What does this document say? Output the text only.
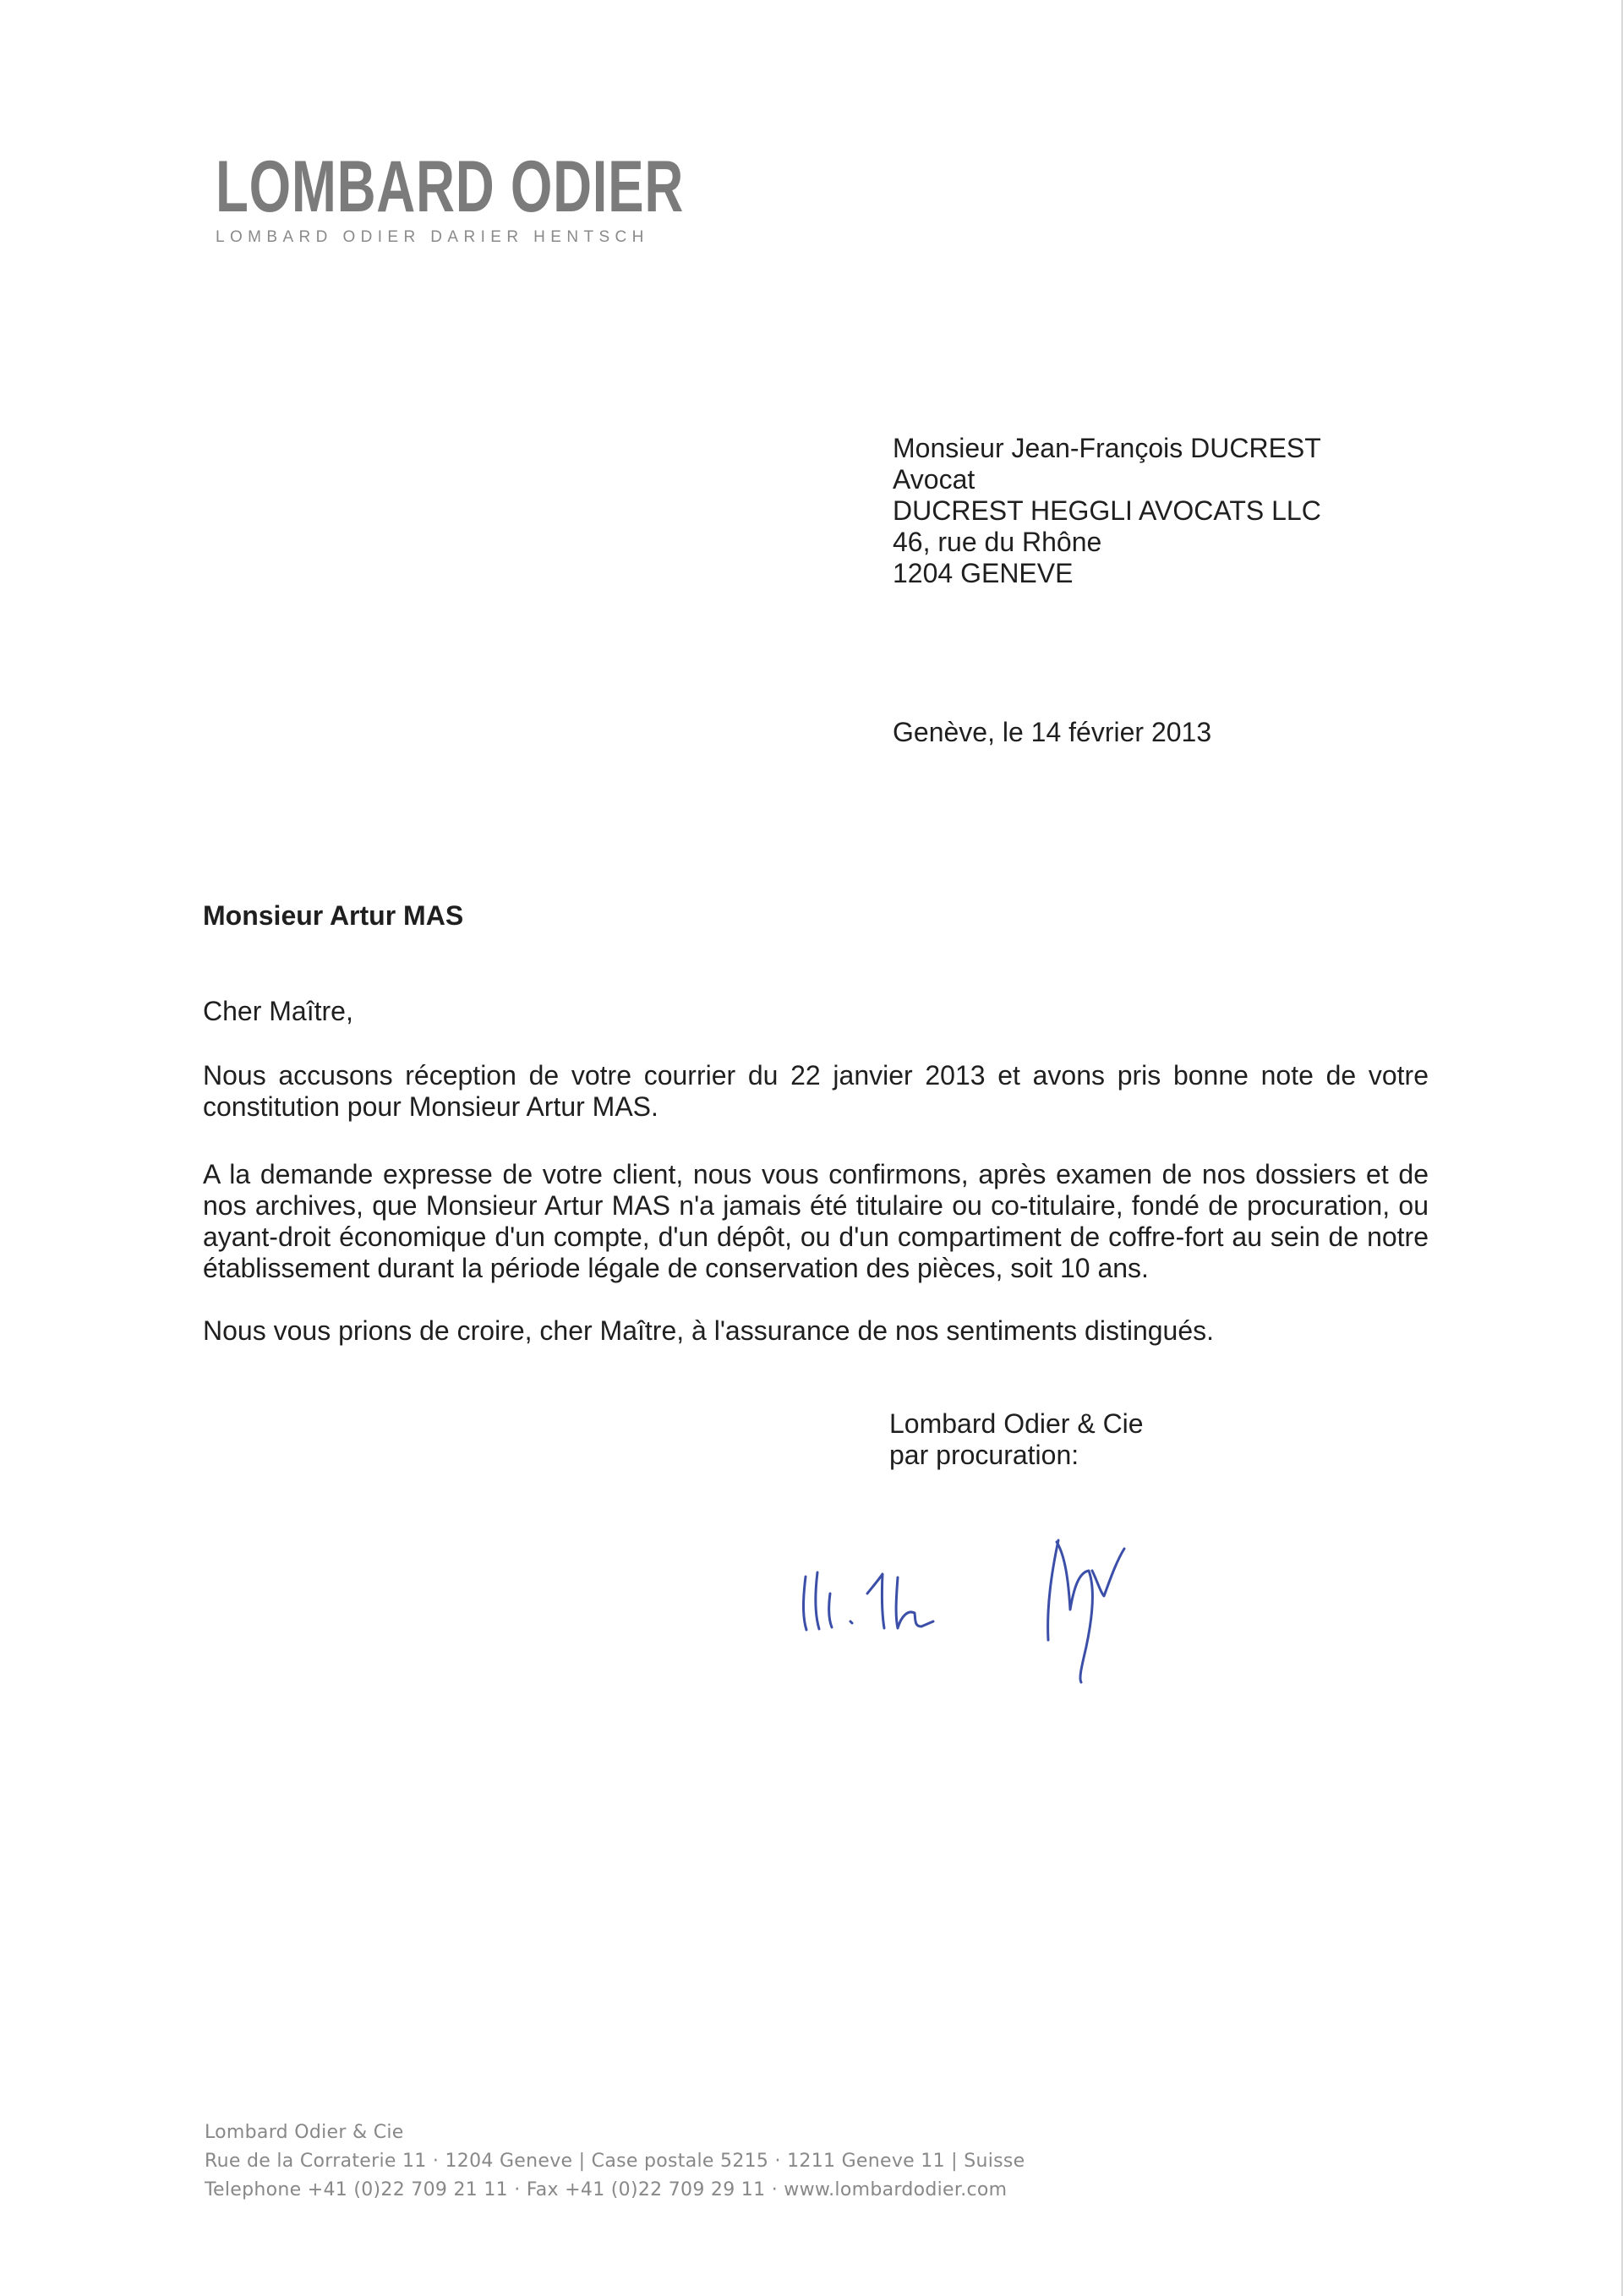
LOMBARD ODIER
LOMBARD ODIER DARIER HENTSCH
Monsieur Jean-François DUCREST
Avocat
DUCREST HEGGLI AVOCATS LLC
46, rue du Rhône
1204 GENEVE
Genève, le 14 février 2013
Monsieur Artur MAS
Cher Maître,
Nous accusons réception de votre courrier du 22 janvier 2013 et avons pris bonne note de votre constitution pour Monsieur Artur MAS.
A la demande expresse de votre client, nous vous confirmons, après examen de nos dossiers et de nos archives, que Monsieur Artur MAS n'a jamais été titulaire ou co-titulaire, fondé de procuration, ou ayant-droit économique d'un compte, d'un dépôt, ou d'un compartiment de coffre-fort au sein de notre établissement durant la période légale de conservation des pièces, soit 10 ans.
Nous vous prions de croire, cher Maître, à l'assurance de nos sentiments distingués.
Lombard Odier & Cie
par procuration:
Lombard Odier & Cie
Rue de la Corraterie 11 · 1204 Geneve | Case postale 5215 · 1211 Geneve 11 | Suisse
Telephone +41 (0)22 709 21 11 · Fax +41 (0)22 709 29 11 · www.lombardodier.com
